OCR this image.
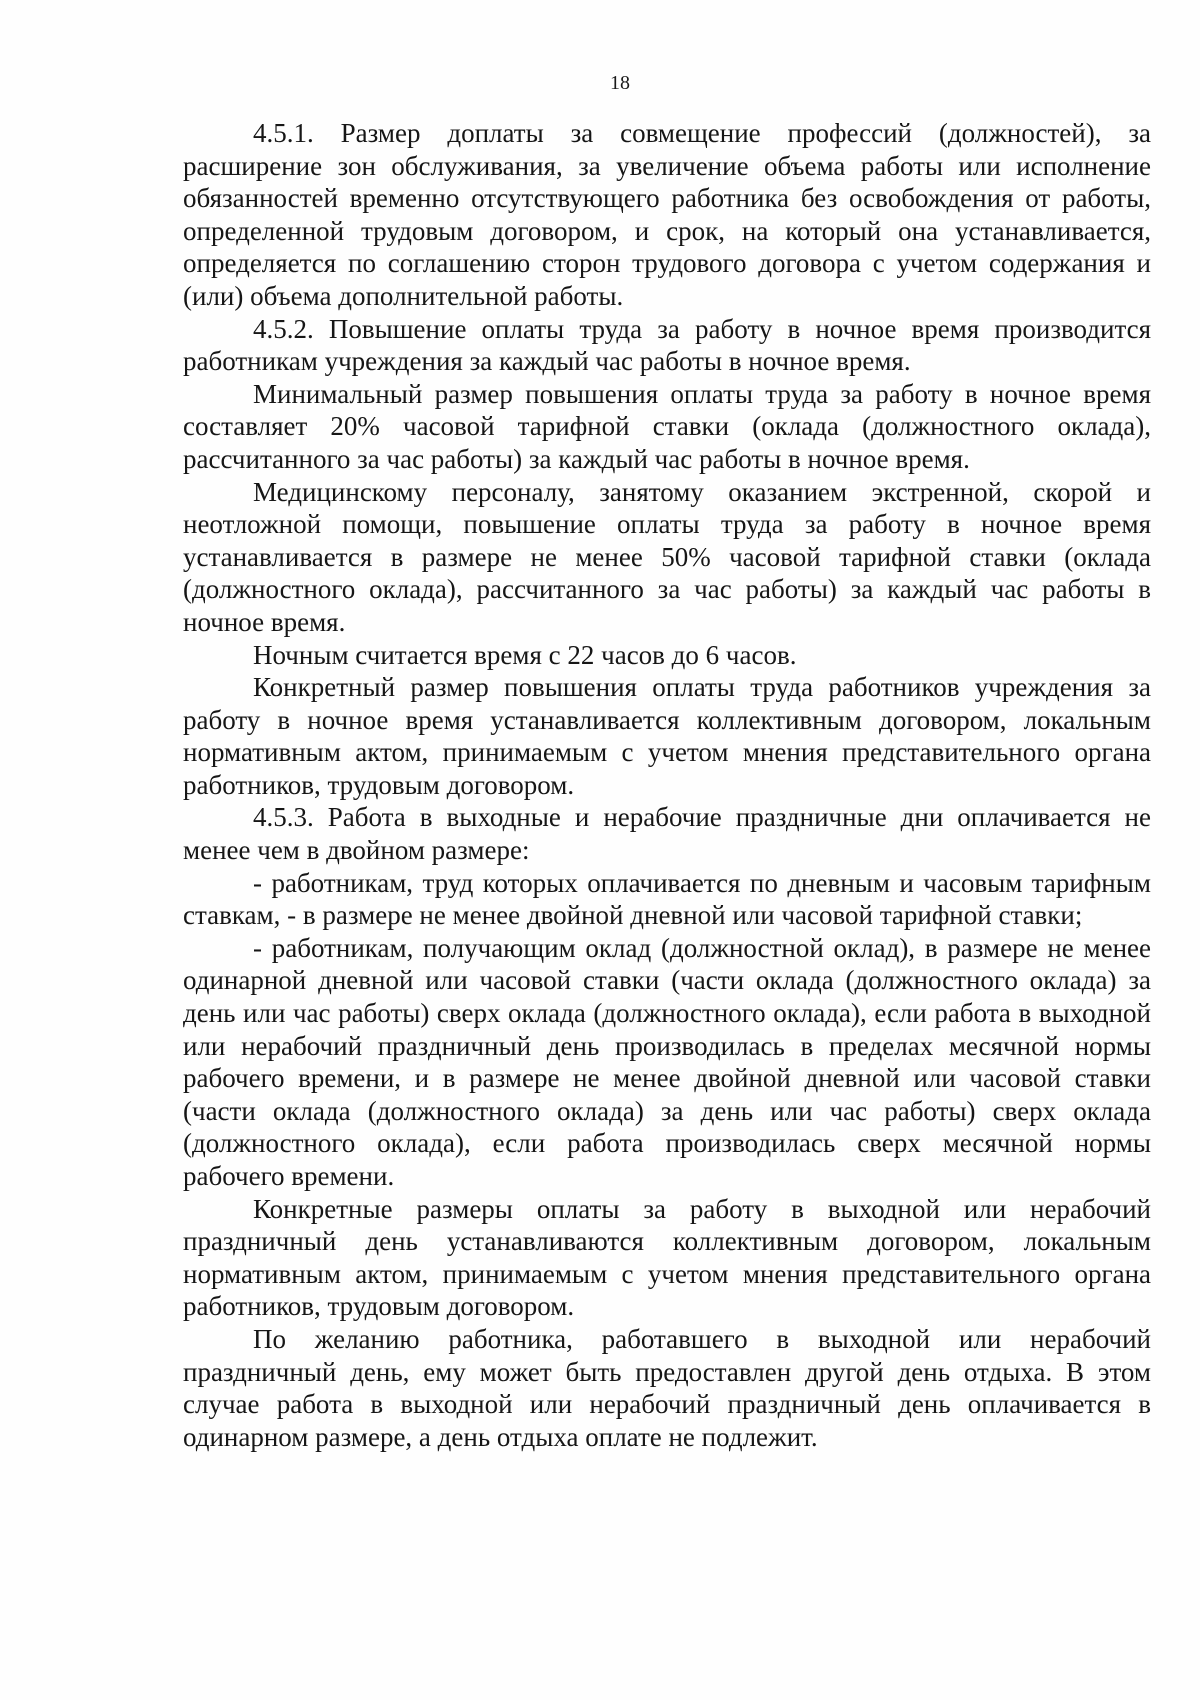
18

4.5.1. Размер доплаты за совмещение профессий (должностей), за расширение зон обслуживания, за увеличение объема работы или исполнение обязанностей временно отсутствующего работника без освобождения от работы, определенной трудовым договором, и срок, на который она устанавливается, определяется по соглашению сторон трудового договора с учетом содержания и (или) объема дополнительной работы.

4.5.2. Повышение оплаты труда за работу в ночное время производится работникам учреждения за каждый час работы в ночное время.

Минимальный размер повышения оплаты труда за работу в ночное время составляет 20% часовой тарифной ставки (оклада (должностного оклада), рассчитанного за час работы) за каждый час работы в ночное время.

Медицинскому персоналу, занятому оказанием экстренной, скорой и неотложной помощи, повышение оплаты труда за работу в ночное время устанавливается в размере не менее 50% часовой тарифной ставки (оклада (должностного оклада), рассчитанного за час работы) за каждый час работы в ночное время.

Ночным считается время с 22 часов до 6 часов.

Конкретный размер повышения оплаты труда работников учреждения за работу в ночное время устанавливается коллективным договором, локальным нормативным актом, принимаемым с учетом мнения представительного органа работников, трудовым договором.

4.5.3. Работа в выходные и нерабочие праздничные дни оплачивается не менее чем в двойном размере:

- работникам, труд которых оплачивается по дневным и часовым тарифным ставкам, - в размере не менее двойной дневной или часовой тарифной ставки;

- работникам, получающим оклад (должностной оклад), в размере не менее одинарной дневной или часовой ставки (части оклада (должностного оклада) за день или час работы) сверх оклада (должностного оклада), если работа в выходной или нерабочий праздничный день производилась в пределах месячной нормы рабочего времени, и в размере не менее двойной дневной или часовой ставки (части оклада (должностного оклада) за день или час работы) сверх оклада (должностного оклада), если работа производилась сверх месячной нормы рабочего времени.

Конкретные размеры оплаты за работу в выходной или нерабочий праздничный день устанавливаются коллективным договором, локальным нормативным актом, принимаемым с учетом мнения представительного органа работников, трудовым договором.

По желанию работника, работавшего в выходной или нерабочий праздничный день, ему может быть предоставлен другой день отдыха. В этом случае работа в выходной или нерабочий праздничный день оплачивается в одинарном размере, а день отдыха оплате не подлежит.
